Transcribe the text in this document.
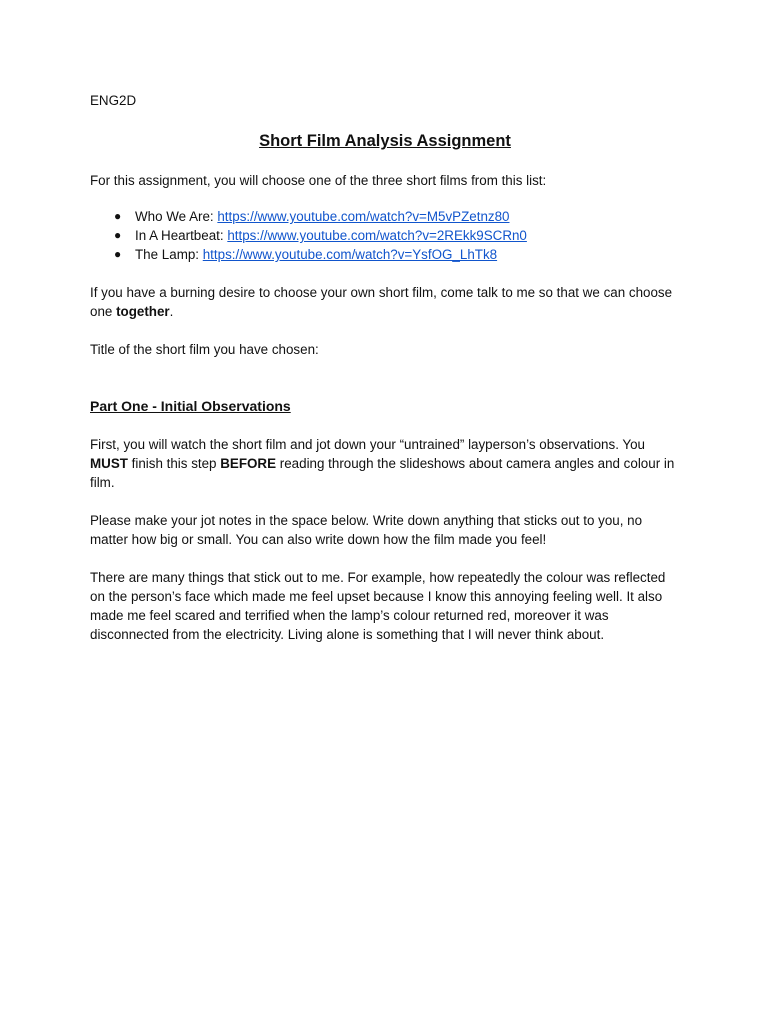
ENG2D

Short Film Analysis Assignment

For this assignment, you will choose one of the three short films from this list:

● Who We Are: https://www.youtube.com/watch?v=M5vPZetnz80
● In A Heartbeat: https://www.youtube.com/watch?v=2REkk9SCRn0
● The Lamp: https://www.youtube.com/watch?v=YsfOG_LhTk8

If you have a burning desire to choose your own short film, come talk to me so that we can choose one together.

Title of the short film you have chosen:

Part One - Initial Observations

First, you will watch the short film and jot down your “untrained” layperson’s observations. You MUST finish this step BEFORE reading through the slideshows about camera angles and colour in film.

Please make your jot notes in the space below. Write down anything that sticks out to you, no matter how big or small. You can also write down how the film made you feel!

There are many things that stick out to me. For example, how repeatedly the colour was reflected on the person’s face which made me feel upset because I know this annoying feeling well. It also made me feel scared and terrified when the lamp’s colour returned red, moreover it was disconnected from the electricity. Living alone is something that I will never think about.
